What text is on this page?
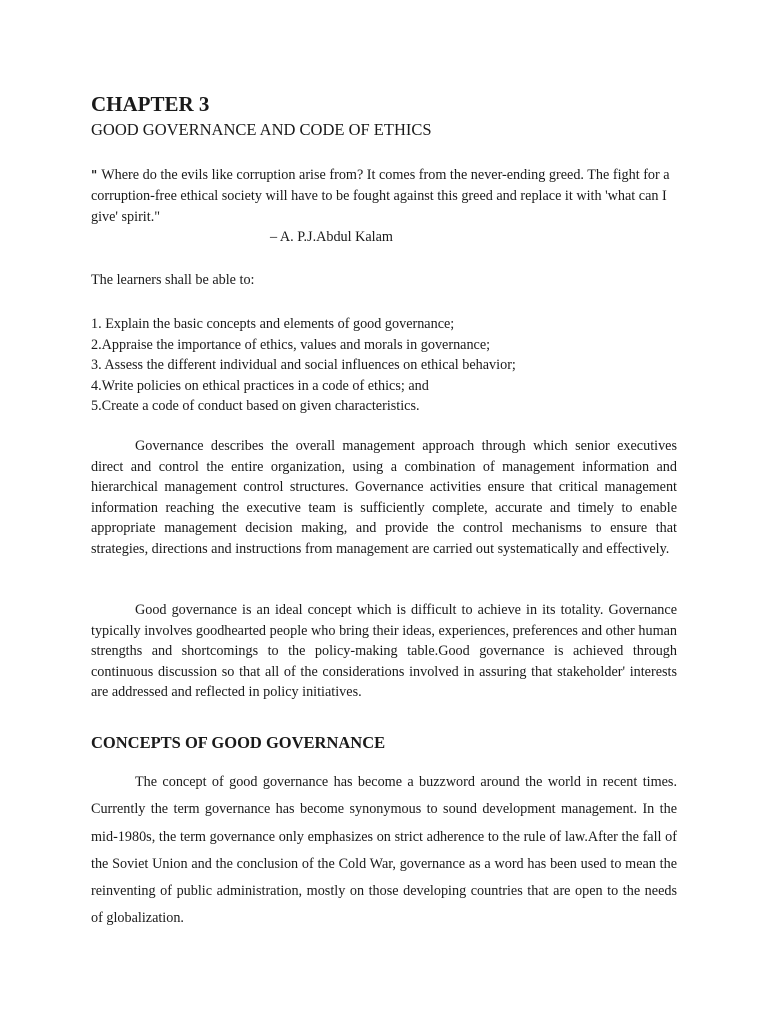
CHAPTER 3
GOOD GOVERNANCE AND CODE OF ETHICS

" Where do the evils like corruption arise from? It comes from the never-ending greed. The fight for a corruption-free ethical society will have to be fought against this greed and replace it with 'what can I give' spirit."

– A. P.J.Abdul Kalam

The learners shall be able to:

1. Explain the basic concepts and elements of good governance;
2.Appraise the importance of ethics, values and morals in governance;
3. Assess the different individual and social influences on ethical behavior;
4.Write policies on ethical practices in a code of ethics; and
5.Create a code of conduct based on given characteristics.

Governance describes the overall management approach through which senior executives direct and control the entire organization, using a combination of management information and hierarchical management control structures. Governance activities ensure that critical management information reaching the executive team is sufficiently complete, accurate and timely to enable appropriate management decision making, and provide the control mechanisms to ensure that strategies, directions and instructions from management are carried out systematically and effectively.

Good governance is an ideal concept which is difficult to achieve in its totality. Governance typically involves goodhearted people who bring their ideas, experiences, preferences and other human strengths and shortcomings to the policy-making table.Good governance is achieved through continuous discussion so that all of the considerations involved in assuring that stakeholder' interests are addressed and reflected in policy initiatives.

CONCEPTS OF GOOD GOVERNANCE

The concept of good governance has become a buzzword around the world in recent times. Currently the term governance has become synonymous to sound development management. In the mid-1980s, the term governance only emphasizes on strict adherence to the rule of law.After the fall of the Soviet Union and the conclusion of the Cold War, governance as a word has been used to mean the reinventing of public administration, mostly on those developing countries that are open to the needs of globalization.
